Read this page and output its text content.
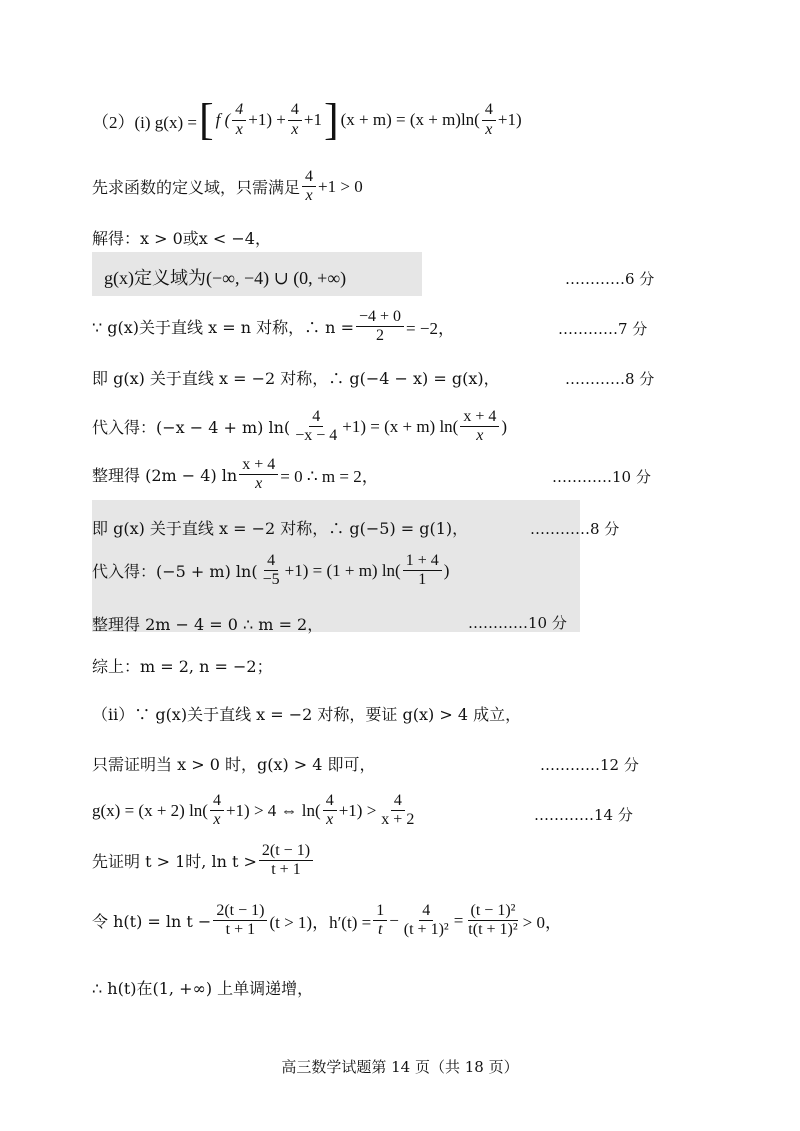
（2）(i) g(x) = [ f ( $\frac{4}{x} +1) + \frac{4}{x} +1$ ] $(x + m) = (x + m)\ln( \frac{4}{x} +1)$
先求函数的定义域，只需满足 $\frac{4}{x} +1 > 0$
解得：x > 0或x < −4，
g(x)定义域为(−∞, −4) ∪ (0, +∞)	…………6 分
∵ g(x)关于直线 x = n 对称，∴ $n = \frac{-4 + 0}{2} = -2$，	…………7 分
即 g(x) 关于直线 x = −2 对称，∴ g(−4 − x) = g(x)，	…………8 分
代入得：(−x − 4 + m) $\ln( \frac{4}{-x - 4} +1) = (x + m)$ $\ln( \frac{x + 4}{x}$ )
整理得 (2m − 4) $\ln \frac{x + 4}{x} = 0$ ∴ m = 2，	…………10 分
即 g(x) 关于直线 x = −2 对称，∴ g(−5) = g(1)，	…………8 分
代入得：(−5 + m) $\ln( \frac{4}{-5} +1) = (1 + m)$ $\ln( \frac{1 + 4}{1}$ )
整理得 2m − 4 = 0 ∴ m = 2，	…………10 分
综上：m = 2, n = −2；
（ii）∵ g(x)关于直线 x = −2 对称，要证 g(x) > 4 成立，
只需证明当 x > 0 时，g(x) > 4 即可，	…………12 分
g(x) = (x + 2) $\ln( \frac{4}{x} +1) > 4$ ⇔ $\ln( \frac{4}{x} +1) > \frac{4}{x + 2}$	…………14 分
先证明 t > 1时, $\ln t > \frac{2(t - 1)}{t + 1}$
令 $h(t) = \ln t - \frac{2(t - 1)}{t + 1} (t > 1)$，$h'(t) = \frac{1}{t} - \frac{4}{\text{(t + 1)²}} = \frac{\text{(t − 1)²}}{\text{t(t + 1)²}} > 0$，
∴ h(t)在(1, +∞) 上单调递增，
高三数学试题第 14 页（共 18 页）
